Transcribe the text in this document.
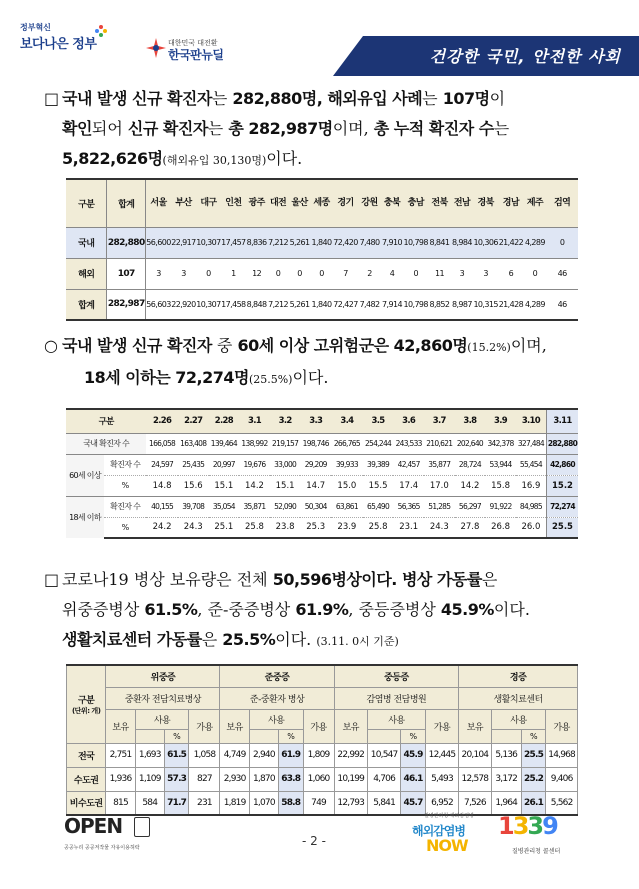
정부혁신
보다나은 정부	대한민국 대전환
한국판뉴딜	건강한 국민, 안전한 사회
□ 국내 발생 신규 확진자는 282,880명, 해외유입 사례는 107명이
확인되어 신규 확진자는 총 282,987명이며, 총 누적 확진자 수는
5,822,626명(해외유입 30,130명)이다.
구분	합계	서울	부산	대구	인천	광주	대전	울산	세종	경기	강원	충북	충남	전북	전남	경북	경남	제주	검역
국내	282,880	56,600	22,917	10,307	17,457	8,836	7,212	5,261	1,840	72,420	7,480	7,910	10,798	8,841	8,984	10,306	21,422	4,289	0
해외	107	3	3	0	1	12	0	0	0	7	2	4	0	11	3	3	6	0	46
합계	282,987	56,603	22,920	10,307	17,458	8,848	7,212	5,261	1,840	72,427	7,482	7,914	10,798	8,852	8,987	10,315	21,428	4,289	46
○ 국내 발생 신규 확진자 중 60세 이상 고위험군은 42,860명(15.2%)이며,
18세 이하는 72,274명(25.5%)이다.
구분		2.26	2.27	2.28	3.1	3.2	3.3	3.4	3.5	3.6	3.7	3.8	3.9	3.10	3.11
국내 확진자 수		166,058	163,408	139,464	138,992	219,157	198,746	266,765	254,244	243,533	210,621	202,640	342,378	327,484	282,880
60세 이상	확진자 수	24,597	25,435	20,997	19,676	33,000	29,209	39,933	39,389	42,457	35,877	28,724	53,944	55,454	42,860
	%	14.8	15.6	15.1	14.2	15.1	14.7	15.0	15.5	17.4	17.0	14.2	15.8	16.9	15.2
18세 이하	확진자 수	40,155	39,708	35,054	35,871	52,090	50,304	63,861	65,490	56,365	51,285	56,297	91,922	84,985	72,274
	%	24.2	24.3	25.1	25.8	23.8	25.3	23.9	25.8	23.1	24.3	27.8	26.8	26.0	25.5
□ 코로나19 병상 보유량은 전체 50,596병상이다. 병상 가동률은
위중증병상 61.5%, 준-중증병상 61.9%, 중등증병상 45.9%이다.
생활치료센터 가동률은 25.5%이다. (3.11. 0시 기준)
구분
(단위: 개)	위중증				준중증				중등증				경증			
	중환자 전담치료병상				준-중환자 병상				감염병 전담병원				생활치료센터			
	보유	사용		가용	보유	사용		가용	보유	사용		가용	보유	사용		가용
			%				%				%				%	
전국	2,751	1,693	61.5	1,058	4,749	2,940	61.9	1,809	22,992	10,547	45.9	12,445	20,104	5,136	25.5	14,968
수도권	1,936	1,109	57.3	827	2,930	1,870	63.8	1,060	10,199	4,706	46.1	5,493	12,578	3,172	25.2	9,406
비수도권	815	584	71.7	231	1,819	1,070	58.8	749	12,793	5,841	45.7	6,952	7,526	1,964	26.1	5,562
OPEN
공공누리 공공저작물 자유이용허락	- 2 -
질병관리청 해외감염병
해외감염병
NOW
1339
질병관리청 콜센터
